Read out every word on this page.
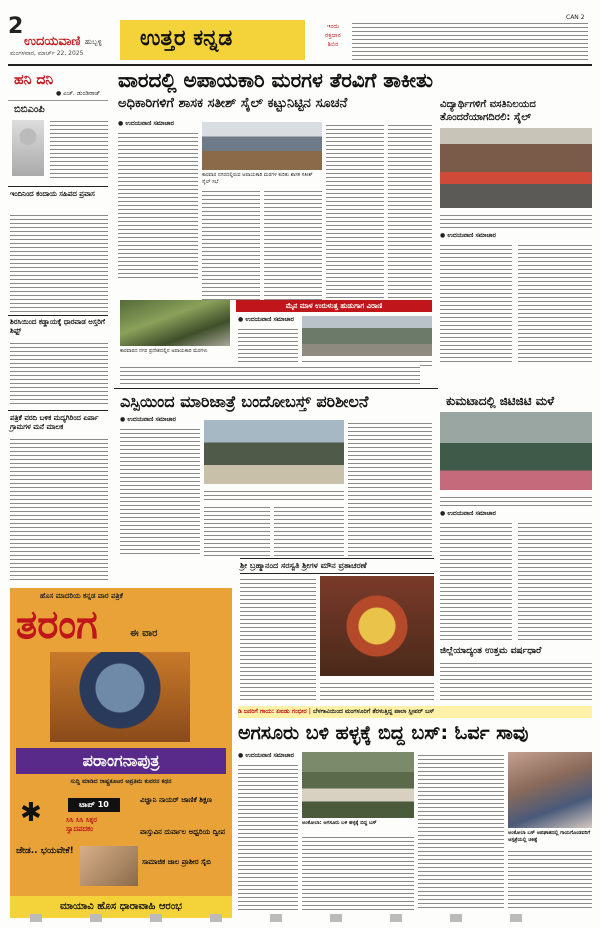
2
ಉದಯವಾಣಿ ಹುಬ್ಬಳ್ಳಿ
ಮಂಗಳವಾರ, ಮಾರ್ಚ್ 22, 2025
ಉತ್ತರ ಕನ್ನಡ	ಇಂದು
ರಕ್ತದಾನ
ಶಿಬಿರ
CAN 2
ಹನಿ ದನಿ
● ಎಚ್. ಡುಂಡಿರಾಜ್
ಬಿಬಿಎಂಪಿ
ಇಂದಿನಿಂದ ಕಂದಾಯ ಸಹಿಪದ ಪ್ರವಾಸ
ಶಿರಸಿಯಿಂದ ಕಡ್ಡಾಯಕ್ಕೆ ಧಾರವಾಡ ಅಸ್ತರಿಗೆ ಶಿಫ್ಟ್
ಪತ್ರಿಕೆ ವರದಿ ಬಳಿಕ ಮದ್ಯಗಿರಿಂದ ಏರ್ಪಾ ಗ್ರಾಮಗಳ ಮನೆ ಮಾಲಕ
ವಾರದಲ್ಲಿ ಅಪಾಯಕಾರಿ ಮರಗಳ ತೆರವಿಗೆ ತಾಕೀತು
ಅಧಿಕಾರಿಗಳಿಗೆ ಶಾಸಕ ಸತೀಶ್ ಸೈಲ್ ಕಟ್ಟುನಿಟ್ಟಿನ ಸೂಚನೆ
● ಉದಯವಾಣಿ ಸಮಾಚಾರ
ಕಾರವಾರ ನಗರದಲ್ಲಿರುವ ಅಪಾಯಕಾರಿ ಮರಗಳ ಕುರಿತು ಶಾಸಕ ಸತೀಶ್ ಸೈಲ್ ಸಭೆ
ಕಾರವಾರದ ನಗರ ಪ್ರದೇಶದಲ್ಲಿನ ಅಪಾಯಕಾರಿ ಮರಗಳು
ವಿದ್ಯಾರ್ಥಿಗಳಿಗೆ ವಸತಿನಿಲಯದ ತೊಂದರೆಯಾಗದಿರಲಿ: ಸೈಲ್
● ಉದಯವಾಣಿ ಸಮಾಚಾರ
ಮೈನ ಮಾಳ ಉರುಳುತ್ತ ಹುಡುಗಾಗ ವಿರಾಣಿ
● ಉದಯವಾಣಿ ಸಮಾಚಾರ
ಎಸ್ಪಿಯಿಂದ ಮಾರಿಜಾತ್ರೆ ಬಂದೋಬಸ್ತ್ ಪರಿಶೀಲನೆ	ಕುಮಟಾದಲ್ಲಿ ಜಿಟಿಜಿಟಿ ಮಳೆ
● ಉದಯವಾಣಿ ಸಮಾಚಾರ
● ಉದಯವಾಣಿ ಸಮಾಚಾರ
ಜಿಲ್ಲೆಯಾದ್ಯಂತ ಉತ್ತಮ ವರ್ಷಧಾರೆ
ಶ್ರೀ ಬ್ರಹ್ಮಾನಂದ ಸರಸ್ವತಿ ಶ್ರೀಗಳ ಮೌನ ವ್ರತಾಚರಣೆ
ಹೊಸ ಮಾದರಿಯ ಕನ್ನಡ ವಾರ ಪತ್ರಿಕೆ
ತರಂಗ	ಈ ವಾರ
ಪರಾಂಗನಾಪುತ್ರ
ಸುದ್ದಿ ಮಾಡಿದ ರಾಷ್ಟ್ರಕೂಟರ ಅಪ್ರತಿಮ ಕುವರನ ಕಥನ
ಟಾಪ್ 10
ಸಿಸಿ ಸಿಸಿ ಸಿಕ್ಕರ ಸ್ವಾದಪದಕಂ
ವಿಜ್ಞಾನಿ ನಾಯರ್ ಜಾಣಿಕೆ ಶಿಕ್ಷಣ
ವಾಸ್ತುವಿನ ದುರ್ವಾಲ ಅಧ್ವರಿಯ ದ್ವೀಪ
✱
ಜೇಡ.. ಭಯವೇಕೆ!
ಸಾಮಾಜಿಕ ಜಾಲ ಪ್ರಾಶೀರ ಸೈಬಿ
ಮಾಯಾವಿ ಹೊಸ ಧಾರಾವಾಹಿ ಆರಂಭ
ಡಿ ಜನರಿಗೆ ಗಾಯ: ಏಐಡು ಗಂಭೀರ | ಬೆಳಗಾವಿಯಿಂದ ಮಂಗಳೂರಿಗೆ ತೆರಳುತ್ತಿದ್ದ ಪಾಲಾ ಸ್ಲೀಪರ್ ಬಸ್
ಅಗಸೂರು ಬಳಿ ಹಳ್ಳಕ್ಕೆ ಬಿದ್ದ ಬಸ್: ಓರ್ವ ಸಾವು
● ಉದಯವಾಣಿ ಸಮಾಚಾರ
ಅಂಕೋಲಾ: ಅಗಸೂರು ಬಳಿ ಹಳ್ಳಕ್ಕೆ ಬಿದ್ದ ಬಸ್
ಅಂಕೋಲಾ ಬಸ್ ಅಪಘಾತದಲ್ಲಿ ಗಾಯಗೊಂಡವರಿಗೆ ಆಸ್ಪತ್ರೆಯಲ್ಲಿ ಚಿಕಿತ್ಸೆ
